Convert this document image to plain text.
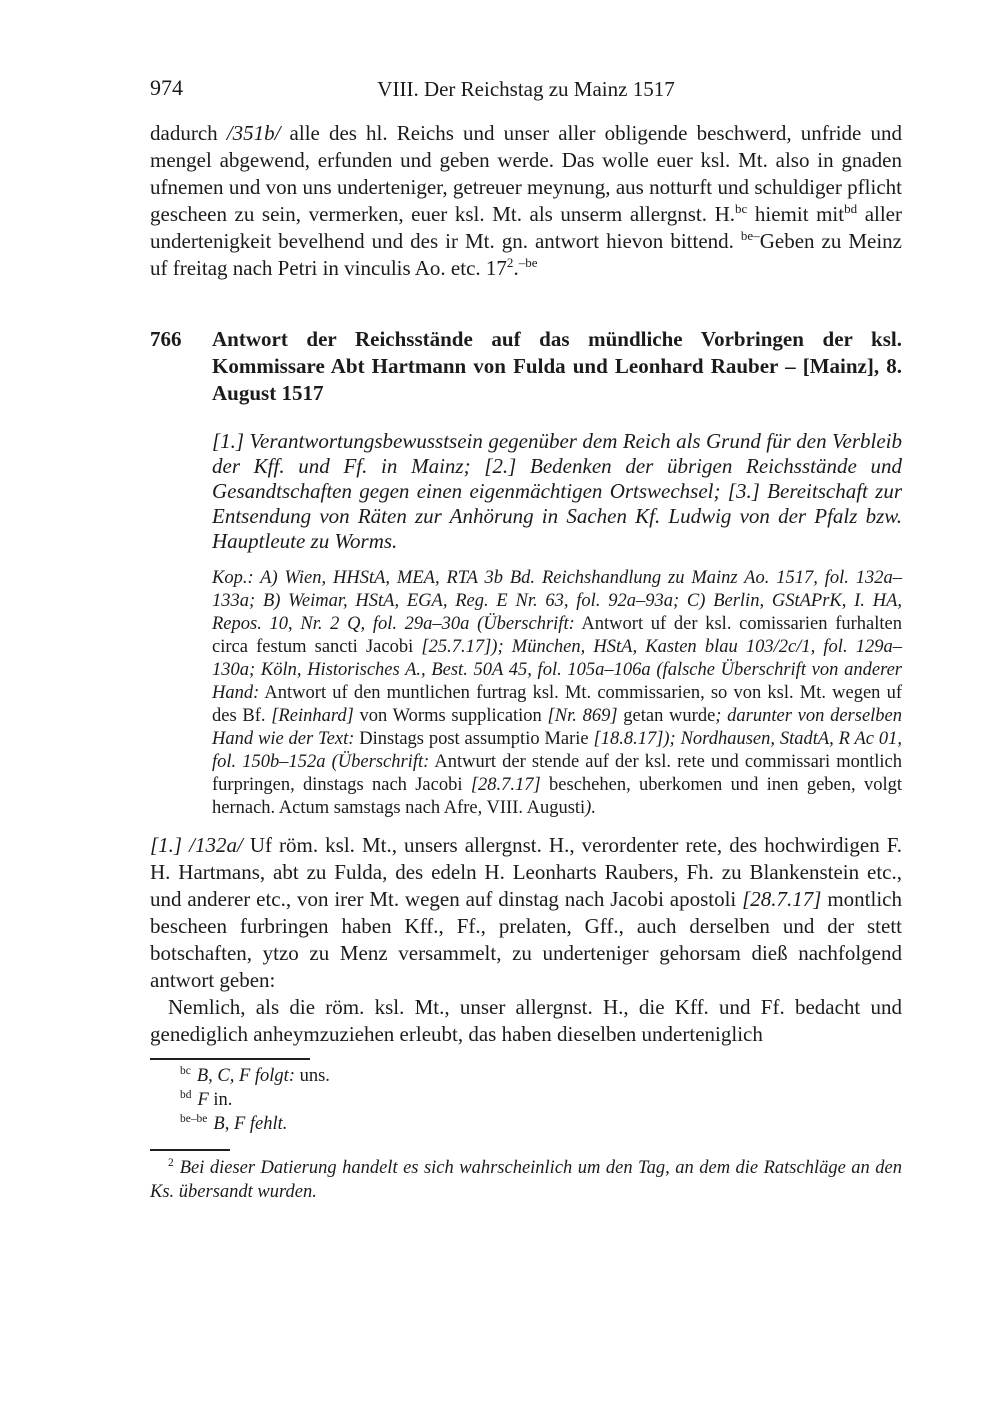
974	VIII. Der Reichstag zu Mainz 1517

dadurch /351b/ alle des hl. Reichs und unser aller obligende beschwerd, unfride und mengel abgewend, erfunden und geben werde. Das wolle euer ksl. Mt. also in gnaden ufnemen und von uns underteniger, getreuer meynung, aus notturft und schuldiger pflicht gescheen zu sein, vermerken, euer ksl. Mt. als unserm allergnst. H.$^{bc}$ hiemit mit$^{bd}$ aller undertenigkeit bevelhend und des ir Mt. gn. antwort hievon bittend. $^{be-}$Geben zu Meinz uf freitag nach Petri in vinculis Ao. etc. $17^2.^{-be}$

766 Antwort der Reichsstände auf das mündliche Vorbringen der ksl. Kommissare Abt Hartmann von Fulda und Leonhard Rauber – [Mainz], 8. August 1517

[1.] Verantwortungsbewusstsein gegenüber dem Reich als Grund für den Verbleib der Kff. und Ff. in Mainz; [2.] Bedenken der übrigen Reichsstände und Gesandtschaften gegen einen eigenmächtigen Ortswechsel; [3.] Bereitschaft zur Entsendung von Räten zur Anhörung in Sachen Kf. Ludwig von der Pfalz bzw. Hauptleute zu Worms.

Kop.: A) Wien, HHStA, MEA, RTA 3b Bd. Reichshandlung zu Mainz Ao. 1517, fol. 132a–133a; B) Weimar, HStA, EGA, Reg. E Nr. 63, fol. 92a–93a; C) Berlin, GStAPrK, I. HA, Repos. 10, Nr. 2 Q, fol. 29a–30a (Überschrift: Antwort uf der ksl. comissarien furhalten circa festum sancti Jacobi [25.7.17]); München, HStA, Kasten blau 103/2c/1, fol. 129a–130a; Köln, Historisches A., Best. 50A 45, fol. 105a–106a (falsche Überschrift von anderer Hand: Antwort uf den muntlichen furtrag ksl. Mt. commissarien, so von ksl. Mt. wegen uf des Bf. [Reinhard] von Worms supplication [Nr. 869] getan wurde; darunter von derselben Hand wie der Text: Dinstags post assumptio Marie [18.8.17]); Nordhausen, StadtA, R Ac 01, fol. 150b–152a (Überschrift: Antwurt der stende auf der ksl. rete und commissari montlich furpringen, dinstags nach Jacobi [28.7.17] beschehen, uberkomen und inen geben, volgt hernach. Actum samstags nach Afre, VIII. Augusti).

[1.] /132a/ Uf röm. ksl. Mt., unsers allergnst. H., verordenter rete, des hochwirdigen F. H. Hartmans, abt zu Fulda, des edeln H. Leonharts Raubers, Fh. zu Blankenstein etc., und anderer etc., von irer Mt. wegen auf dinstag nach Jacobi apostoli [28.7.17] montlich bescheen furbringen haben Kff., Ff., prelaten, Gff., auch derselben und der stett botschaften, ytzo zu Menz versammelt, zu underteniger gehorsam dieß nachfolgend antwort geben:

Nemlich, als die röm. ksl. Mt., unser allergnst. H., die Kff. und Ff. bedacht und genediglich anheymzuziehen erleubt, das haben dieselben underteniglich

$^{bc}$ B, C, F folgt: uns.

$^{bd}$ F in.

$^{be-be}$ B, F fehlt.

$^2$ Bei dieser Datierung handelt es sich wahrscheinlich um den Tag, an dem die Ratschläge an den Ks. übersandt wurden.
